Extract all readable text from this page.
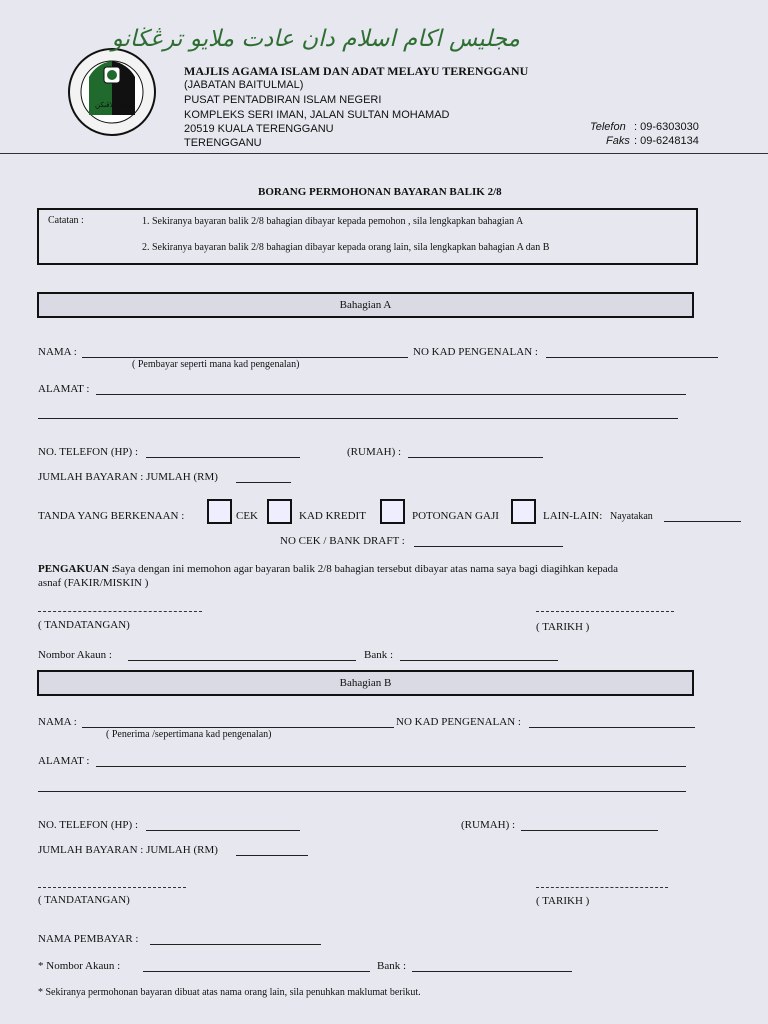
امانة دلاڤنكن
مجليس اكام اسلام دان عادت ملايو ترڠڬانو
MAJLIS AGAMA ISLAM DAN ADAT MELAYU TERENGGANU
(JABATAN BAITULMAL)
PUSAT PENTADBIRAN ISLAM NEGERI
KOMPLEKS SERI IMAN, JALAN SULTAN MOHAMAD
20519 KUALA TERENGGANU
TERENGGANU
Telefon : 09-6303030
Faks : 09-6248134
BORANG PERMOHONAN BAYARAN BALIK 2/8
Catatan :	1. Sekiranya bayaran balik 2/8 bahagian dibayar kepada pemohon , sila lengkapkan bahagian A
2. Sekiranya bayaran balik 2/8 bahagian dibayar kepada orang lain, sila lengkapkan bahagian A dan B
Bahagian A
NAMA :
( Pembayar seperti mana kad pengenalan)
NO KAD PENGENALAN :
ALAMAT :
NO. TELEFON (HP) :	(RUMAH) :
JUMLAH BAYARAN : JUMLAH (RM)
TANDA YANG BERKENAAN :	CEK	KAD KREDIT	POTONGAN GAJI	LAIN-LAIN: Nayatakan
NO CEK / BANK DRAFT :
PENGAKUAN :
Saya dengan ini memohon agar bayaran balik 2/8 bahagian tersebut dibayar atas nama saya bagi diagihkan kepada
asnaf (FAKIR/MISKIN )
( TANDATANGAN)	( TARIKH )
Nombor Akaun :	Bank :
Bahagian B
NAMA :
( Penerima /sepertimana kad pengenalan)
NO KAD PENGENALAN :
ALAMAT :
NO. TELEFON (HP) :	(RUMAH) :
JUMLAH BAYARAN : JUMLAH (RM)
( TANDATANGAN)	( TARIKH )
NAMA PEMBAYAR :
* Nombor Akaun :	Bank :
* Sekiranya permohonan bayaran dibuat atas nama orang lain, sila penuhkan maklumat berikut.
